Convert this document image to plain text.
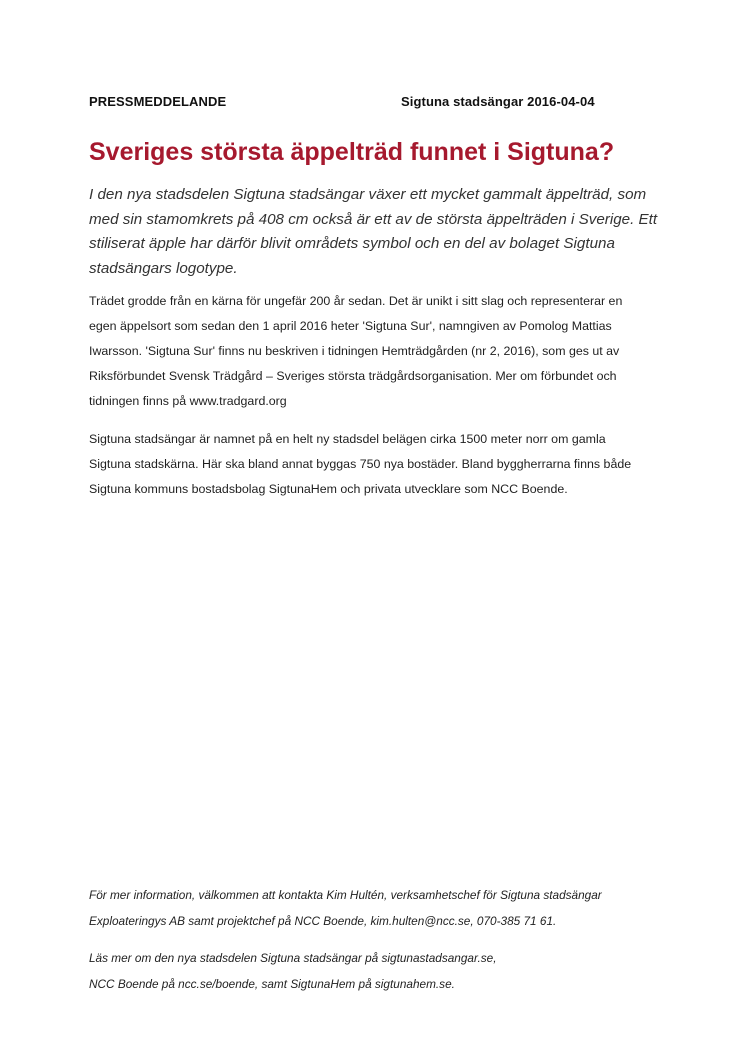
PRESSMEDDELANDE	Sigtuna stadsängar 2016-04-04
Sveriges största äppelträd funnet i Sigtuna?

I den nya stadsdelen Sigtuna stadsängar växer ett mycket gammalt äppelträd, som
med sin stamomkrets på 408 cm också är ett av de största äppelträden i Sverige. Ett
stiliserat äpple har därför blivit områdets symbol och en del av bolaget Sigtuna
stadsängars logotype.

Trädet grodde från en kärna för ungefär 200 år sedan. Det är unikt i sitt slag och representerar en
egen äppelsort som sedan den 1 april 2016 heter 'Sigtuna Sur', namngiven av Pomolog Mattias
Iwarsson. 'Sigtuna Sur' finns nu beskriven i tidningen Hemträdgården (nr 2, 2016), som ges ut av
Riksförbundet Svensk Trädgård – Sveriges största trädgårdsorganisation. Mer om förbundet och
tidningen finns på www.tradgard.org

Sigtuna stadsängar är namnet på en helt ny stadsdel belägen cirka 1500 meter norr om gamla
Sigtuna stadskärna. Här ska bland annat byggas 750 nya bostäder. Bland byggherrarna finns både
Sigtuna kommuns bostadsbolag SigtunaHem och privata utvecklare som NCC Boende.

För mer information, välkommen att kontakta Kim Hultén, verksamhetschef för Sigtuna stadsängar
Exploateringys AB samt projektchef på NCC Boende, kim.hulten@ncc.se, 070-385 71 61.

Läs mer om den nya stadsdelen Sigtuna stadsängar på sigtunastadsangar.se,
NCC Boende på ncc.se/boende, samt SigtunaHem på sigtunahem.se.
